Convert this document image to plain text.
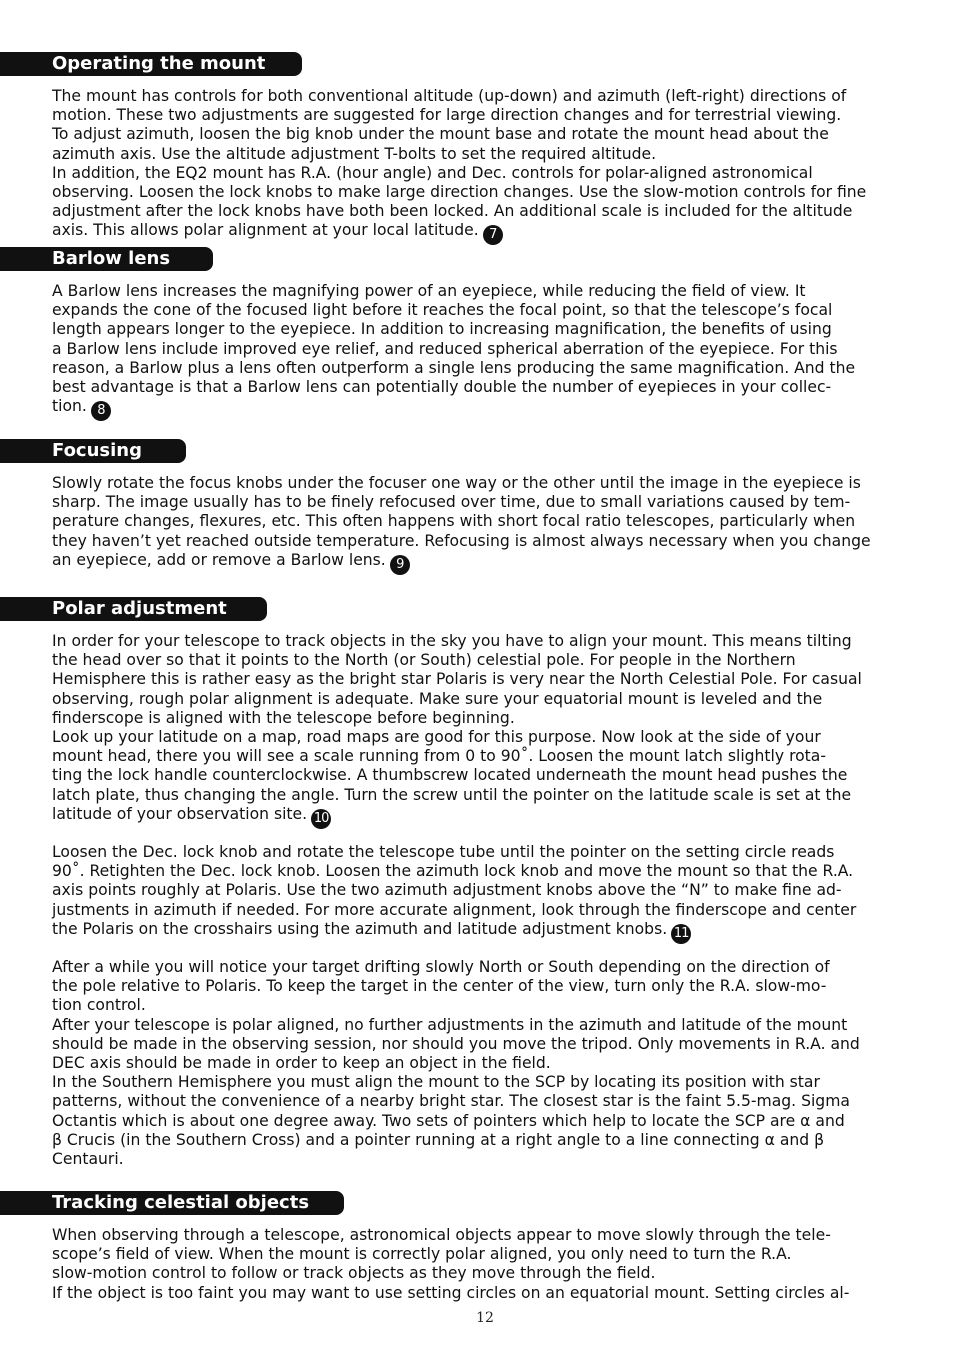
Operating the mount
The mount has controls for both conventional altitude (up-down) and azimuth (left-right) directions of
motion. These two adjustments are suggested for large direction changes and for terrestrial viewing.
To adjust azimuth, loosen the big knob under the mount base and rotate the mount head about the
azimuth axis. Use the altitude adjustment T-bolts to set the required altitude.
In addition, the EQ2 mount has R.A. (hour angle) and Dec. controls for polar-aligned astronomical
observing. Loosen the lock knobs to make large direction changes. Use the slow-motion controls for fine
adjustment after the lock knobs have both been locked. An additional scale is included for the altitude
axis. This allows polar alignment at your local latitude. 7
Barlow lens
A Barlow lens increases the magnifying power of an eyepiece, while reducing the field of view. It
expands the cone of the focused light before it reaches the focal point, so that the telescope’s focal
length appears longer to the eyepiece. In addition to increasing magnification, the benefits of using
a Barlow lens include improved eye relief, and reduced spherical aberration of the eyepiece. For this
reason, a Barlow plus a lens often outperform a single lens producing the same magnification. And the
best advantage is that a Barlow lens can potentially double the number of eyepieces in your collec-
tion. 8
Focusing
Slowly rotate the focus knobs under the focuser one way or the other until the image in the eyepiece is
sharp. The image usually has to be finely refocused over time, due to small variations caused by tem-
perature changes, flexures, etc. This often happens with short focal ratio telescopes, particularly when
they haven’t yet reached outside temperature. Refocusing is almost always necessary when you change
an eyepiece, add or remove a Barlow lens. 9
Polar adjustment
In order for your telescope to track objects in the sky you have to align your mount. This means tilting
the head over so that it points to the North (or South) celestial pole. For people in the Northern
Hemisphere this is rather easy as the bright star Polaris is very near the North Celestial Pole. For casual
observing, rough polar alignment is adequate. Make sure your equatorial mount is leveled and the
finderscope is aligned with the telescope before beginning.
Look up your latitude on a map, road maps are good for this purpose. Now look at the side of your
mount head, there you will see a scale running from 0 to 90˚. Loosen the mount latch slightly rota-
ting the lock handle counterclockwise. A thumbscrew located underneath the mount head pushes the
latch plate, thus changing the angle. Turn the screw until the pointer on the latitude scale is set at the
latitude of your observation site. 10
Loosen the Dec. lock knob and rotate the telescope tube until the pointer on the setting circle reads
90˚. Retighten the Dec. lock knob. Loosen the azimuth lock knob and move the mount so that the R.A.
axis points roughly at Polaris. Use the two azimuth adjustment knobs above the “N” to make fine ad-
justments in azimuth if needed. For more accurate alignment, look through the finderscope and center
the Polaris on the crosshairs using the azimuth and latitude adjustment knobs. 11
After a while you will notice your target drifting slowly North or South depending on the direction of
the pole relative to Polaris. To keep the target in the center of the view, turn only the R.A. slow-mo-
tion control.
After your telescope is polar aligned, no further adjustments in the azimuth and latitude of the mount
should be made in the observing session, nor should you move the tripod. Only movements in R.A. and
DEC axis should be made in order to keep an object in the field.
In the Southern Hemisphere you must align the mount to the SCP by locating its position with star
patterns, without the convenience of a nearby bright star. The closest star is the faint 5.5-mag. Sigma
Octantis which is about one degree away. Two sets of pointers which help to locate the SCP are α and
β Crucis (in the Southern Cross) and a pointer running at a right angle to a line connecting α and β
Centauri.
Tracking celestial objects
When observing through a telescope, astronomical objects appear to move slowly through the tele-
scope’s field of view. When the mount is correctly polar aligned, you only need to turn the R.A.
slow-motion control to follow or track objects as they move through the field.
If the object is too faint you may want to use setting circles on an equatorial mount. Setting circles al-
12
